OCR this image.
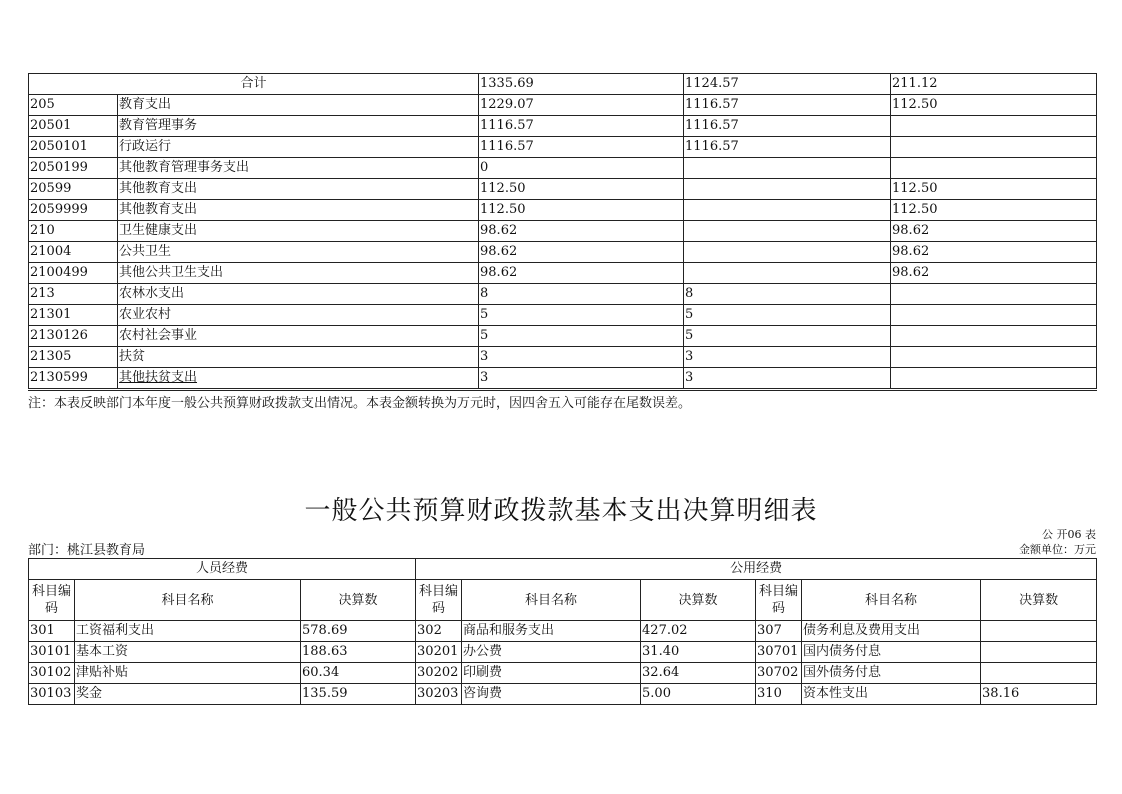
合计		1335.69	1124.57	211.12
205	教育支出	1229.07	1116.57	112.50
20501	教育管理事务	1116.57	1116.57	
2050101	行政运行	1116.57	1116.57	
2050199	其他教育管理事务支出	0		
20599	其他教育支出	112.50		112.50
2059999	其他教育支出	112.50		112.50
210	卫生健康支出	98.62		98.62
21004	公共卫生	98.62		98.62
2100499	其他公共卫生支出	98.62		98.62
213	农林水支出	8	8	
21301	农业农村	5	5	
2130126	农村社会事业	5	5	
21305	扶贫	3	3	
2130599	其他扶贫支出	3	3	
注：本表反映部门本年度一般公共预算财政拨款支出情况。本表金额转换为万元时，因四舍五入可能存在尾数误差。
一般公共预算财政拨款基本支出决算明细表
公 开06 表
金额单位：万元
部门：桃江县教育局
人员经费			公用经费					
科目编码	科目名称	决算数	科目编码	科目名称	决算数	科目编码	科目名称	决算数
301	工资福利支出	578.69	302	商品和服务支出	427.02	307	债务利息及费用支出	
30101	基本工资	188.63	30201	办公费	31.40	30701	国内债务付息	
30102	津贴补贴	60.34	30202	印刷费	32.64	30702	国外债务付息	
30103	奖金	135.59	30203	咨询费	5.00	310	资本性支出	38.16
